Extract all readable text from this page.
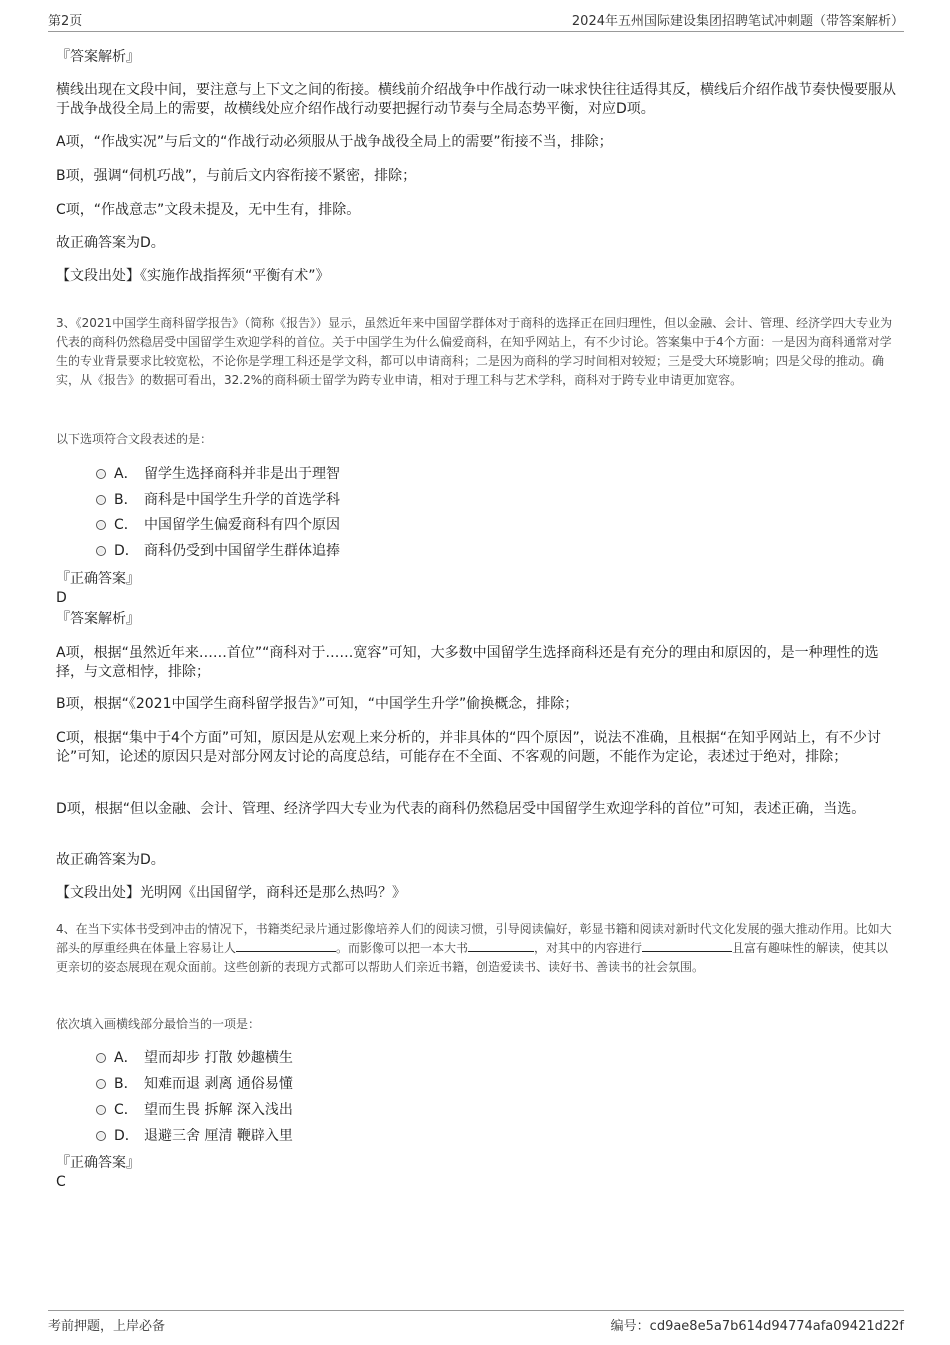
第2页	2024年五州国际建设集团招聘笔试冲刺题（带答案解析）
『答案解析』
横线出现在文段中间，要注意与上下文之间的衔接。横线前介绍战争中作战行动一味求快往往适得其反，横线后介绍作战节奏快慢要服从于战争战役全局上的需要，故横线处应介绍作战行动要把握行动节奏与全局态势平衡，对应D项。
A项，“作战实况”与后文的“作战行动必须服从于战争战役全局上的需要”衔接不当，排除；
B项，强调“伺机巧战”，与前后文内容衔接不紧密，排除；
C项，“作战意志”文段未提及，无中生有，排除。
故正确答案为D。
【文段出处】《实施作战指挥须“平衡有术”》
3、《2021中国学生商科留学报告》（简称《报告》）显示，虽然近年来中国留学群体对于商科的选择正在回归理性，但以金融、会计、管理、经济学四大专业为代表的商科仍然稳居受中国留学生欢迎学科的首位。关于中国学生为什么偏爱商科，在知乎网站上，有不少讨论。答案集中于4个方面：一是因为商科通常对学生的专业背景要求比较宽松，不论你是学理工科还是学文科，都可以申请商科；二是因为商科的学习时间相对较短；三是受大环境影响；四是父母的推动。确实，从《报告》的数据可看出，32.2%的商科硕士留学为跨专业申请，相对于理工科与艺术学科，商科对于跨专业申请更加宽容。
以下选项符合文段表述的是：
A． 留学生选择商科并非是出于理智
B． 商科是中国学生升学的首选学科
C． 中国留学生偏爱商科有四个原因
D． 商科仍受到中国留学生群体追捧
『正确答案』
D
『答案解析』
A项，根据“虽然近年来……首位”“商科对于……宽容”可知，大多数中国留学生选择商科还是有充分的理由和原因的，是一种理性的选择，与文意相悖，排除；
B项，根据“《2021中国学生商科留学报告》”可知，“中国学生升学”偷换概念，排除；
C项，根据“集中于4个方面”可知，原因是从宏观上来分析的，并非具体的“四个原因”，说法不准确，且根据“在知乎网站上，有不少讨论”可知，论述的原因只是对部分网友讨论的高度总结，可能存在不全面、不客观的问题，不能作为定论，表述过于绝对，排除；
D项，根据“但以金融、会计、管理、经济学四大专业为代表的商科仍然稳居受中国留学生欢迎学科的首位”可知，表述正确，当选。
故正确答案为D。
【文段出处】光明网《出国留学，商科还是那么热吗？》
4、在当下实体书受到冲击的情况下，书籍类纪录片通过影像培养人们的阅读习惯，引导阅读偏好，彰显书籍和阅读对新时代文化发展的强大推动作用。比如大部头的厚重经典在体量上容易让人	。而影像可以把一本大书	，对其中的内容进行	且富有趣味性的解读，使其以更亲切的姿态展现在观众面前。这些创新的表现方式都可以帮助人们亲近书籍，创造爱读书、读好书、善读书的社会氛围。
依次填入画横线部分最恰当的一项是：
A． 望而却步 打散 妙趣横生
B． 知难而退 剥离 通俗易懂
C． 望而生畏 拆解 深入浅出
D． 退避三舍 厘清 鞭辟入里
『正确答案』
C
考前押题，上岸必备	编号：cd9ae8e5a7b614d94774afa09421d22f
